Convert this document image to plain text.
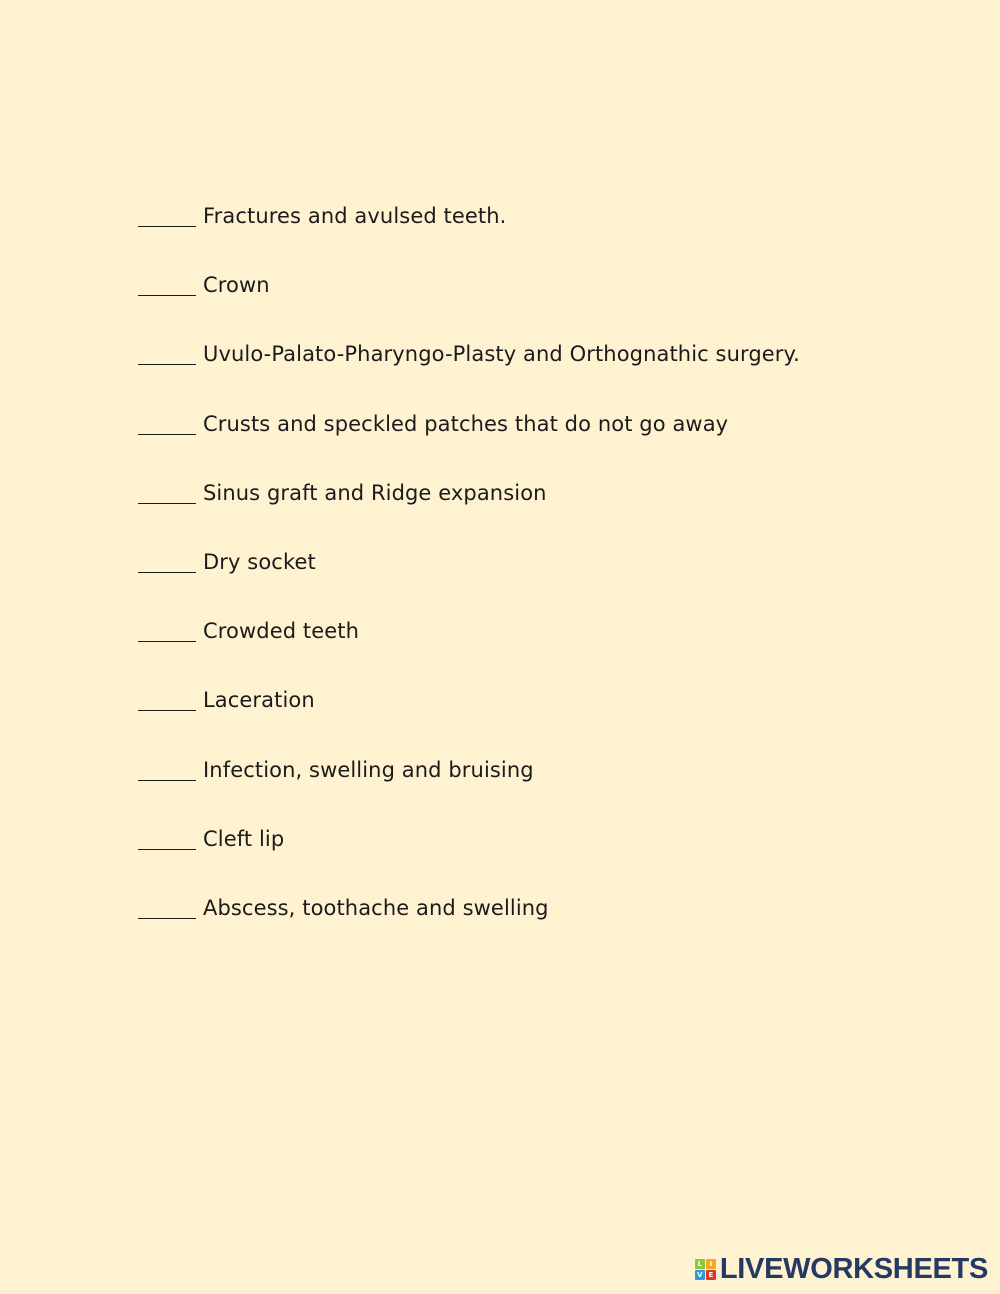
Fractures and avulsed teeth.
Crown
Uvulo-Palato-Pharyngo-Plasty and Orthognathic surgery.
Crusts and speckled patches that do not go away
Sinus graft and Ridge expansion
Dry socket
Crowded teeth
Laceration
Infection, swelling and bruising
Cleft lip
Abscess, toothache and swelling
L	I
V E LIVEWORKSHEETS
